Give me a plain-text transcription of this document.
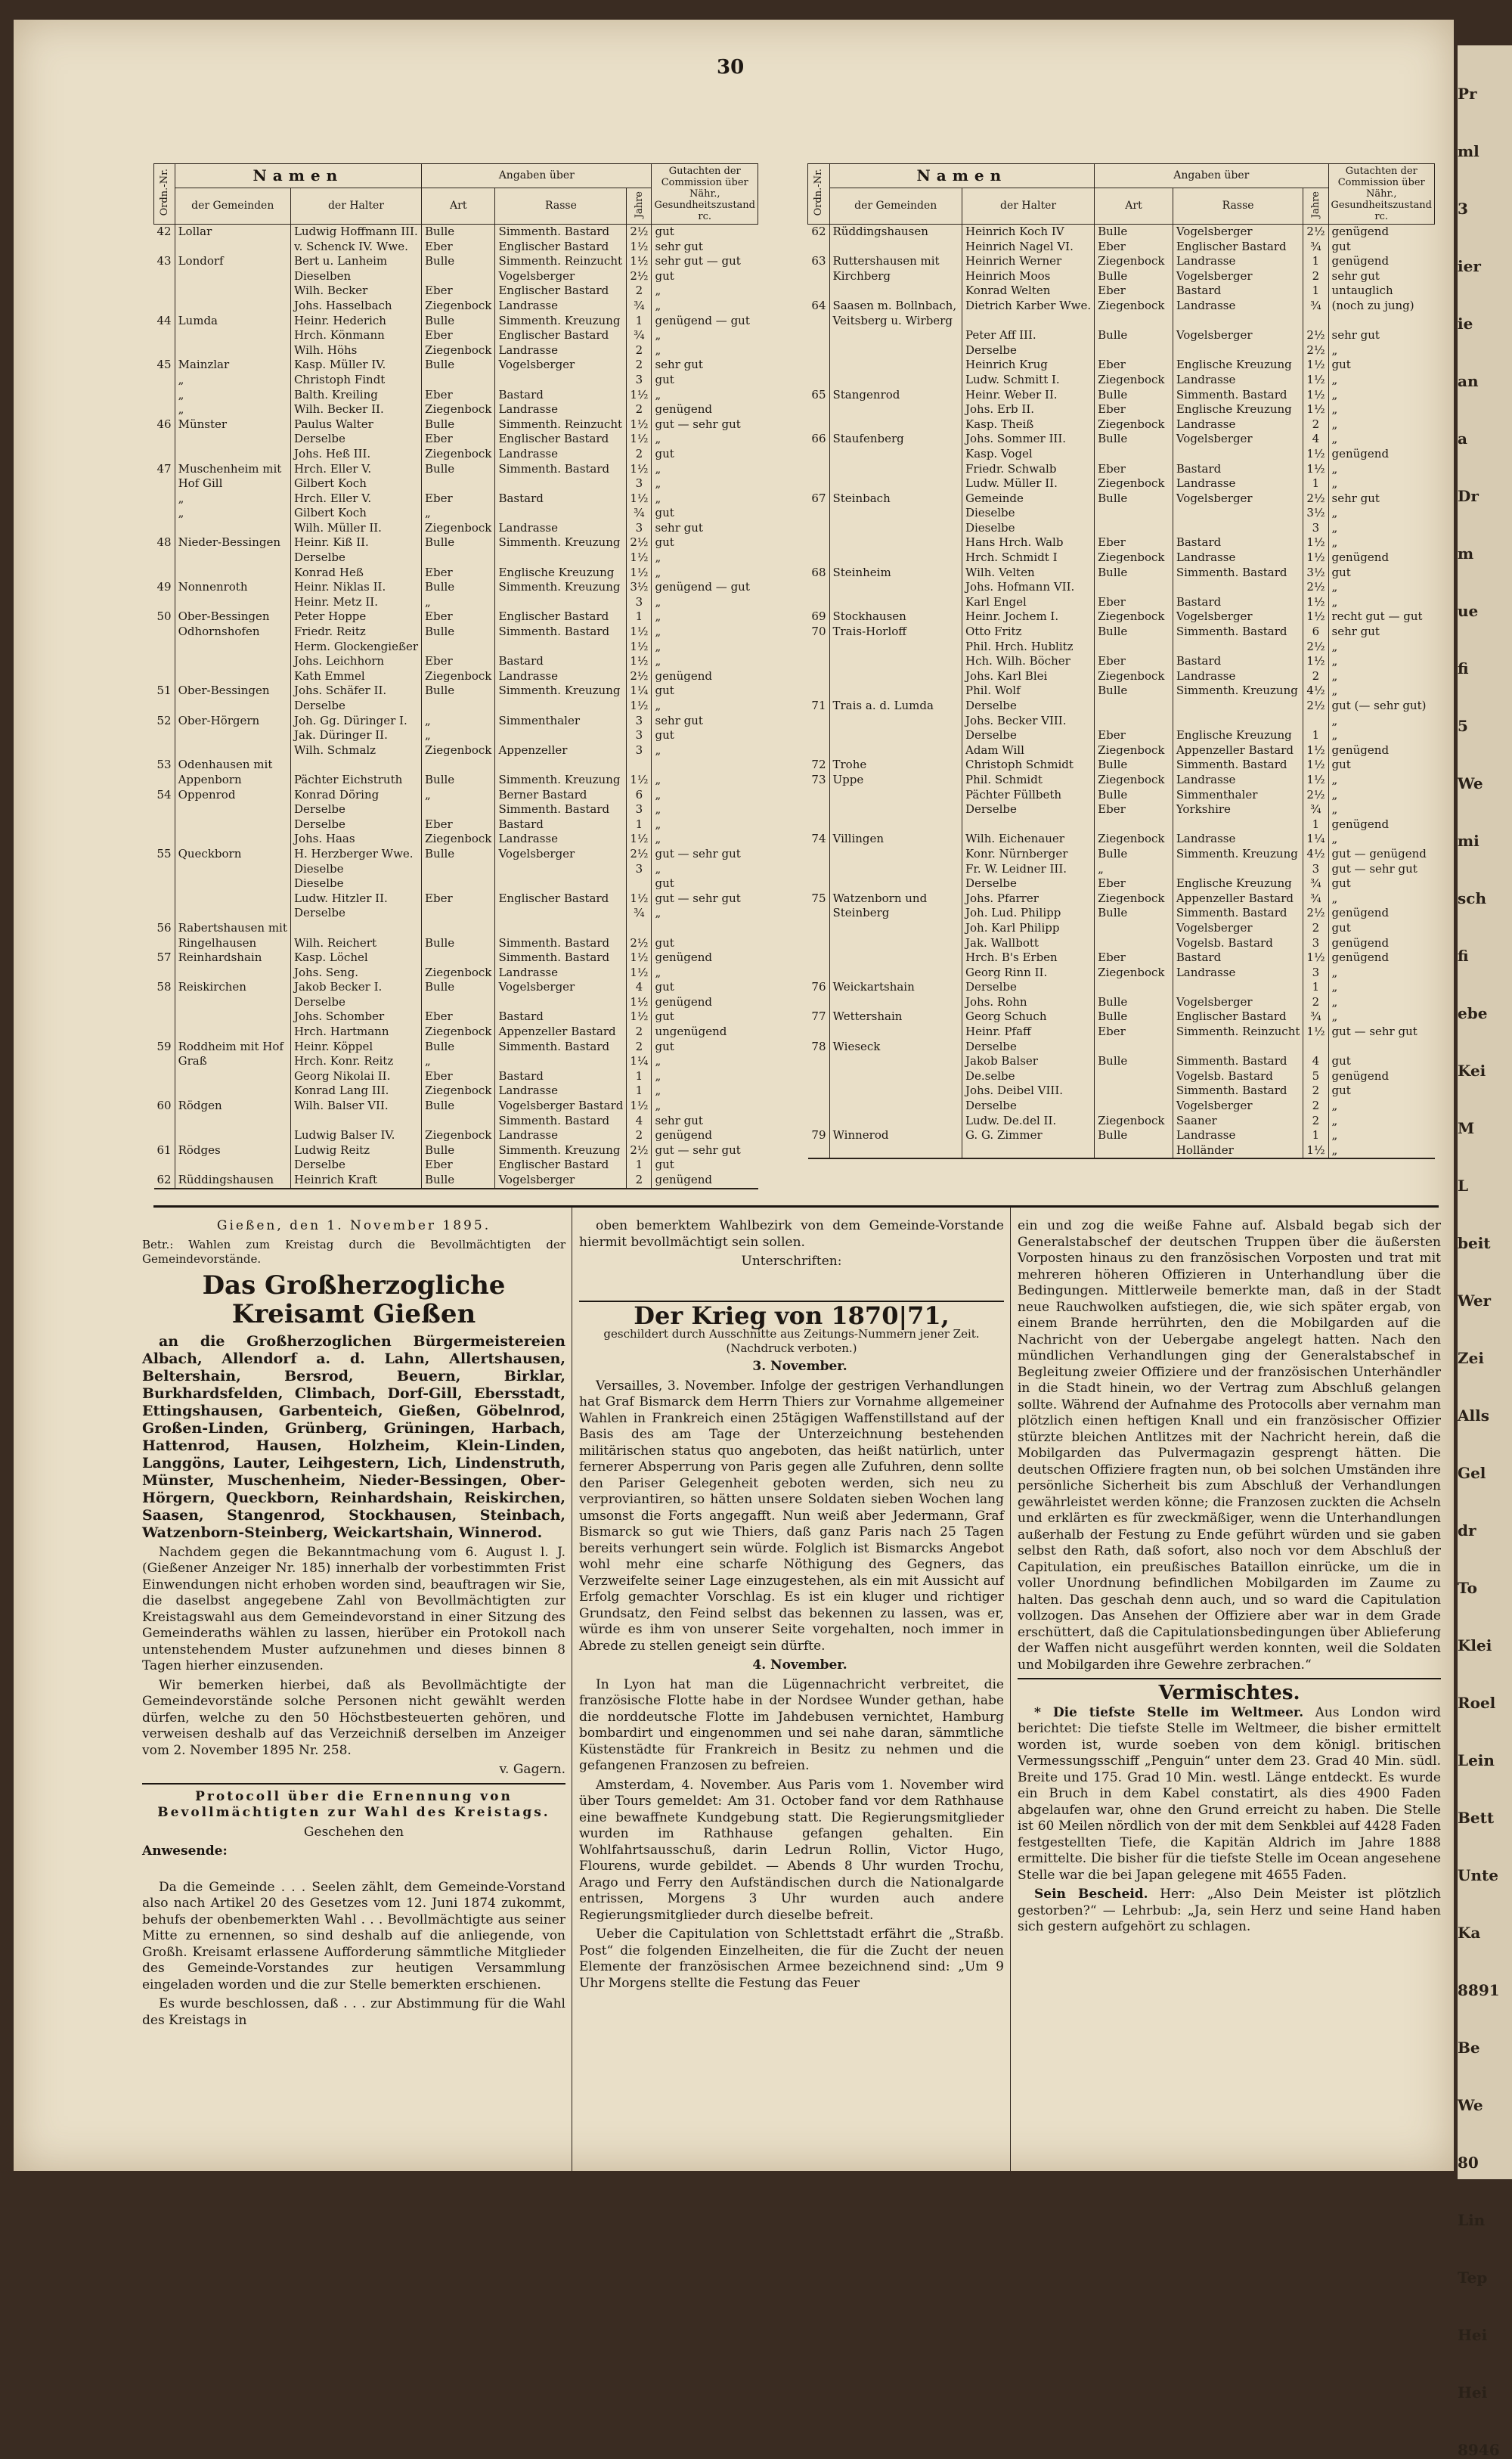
30
Ordn.-Nr.	Namen		Angaben über			Gutachten der Commission über Nähr., Gesundheitszustand rc.
	der Gemeinden	der Halter	Art	Rasse	Jahre	
42	Lollar	Ludwig Hoffmann III.	Bulle	Simmenth. Bastard	2½	gut
		v. Schenck IV. Wwe.	Eber	Englischer Bastard	1½	sehr gut
43	Londorf	Bert u. Lanheim	Bulle	Simmenth. Reinzucht	1½	sehr gut — gut
		Dieselben		Vogelsberger	2½	gut
		Wilh. Becker	Eber	Englischer Bastard	2	„
		Johs. Hasselbach	Ziegenbock	Landrasse	¾	„
44	Lumda	Heinr. Hederich	Bulle	Simmenth. Kreuzung	1	genügend — gut
		Hrch. Könmann	Eber	Englischer Bastard	¾	„
		Wilh. Höhs	Ziegenbock	Landrasse	2	„
45	Mainzlar	Kasp. Müller IV.	Bulle	Vogelsberger	2	sehr gut
	„	Christoph Findt			3	gut
	„	Balth. Kreiling	Eber	Bastard	1½	„
	„	Wilh. Becker II.	Ziegenbock	Landrasse	2	genügend
46	Münster	Paulus Walter	Bulle	Simmenth. Reinzucht	1½	gut — sehr gut
		Derselbe	Eber	Englischer Bastard	1½	„
		Johs. Heß III.	Ziegenbock	Landrasse	2	gut
47	Muschenheim mit	Hrch. Eller V.	Bulle	Simmenth. Bastard	1½	„
	Hof Gill	Gilbert Koch			3	„
	„	Hrch. Eller V.	Eber	Bastard	1½	„
	„	Gilbert Koch	„		¾	gut
		Wilh. Müller II.	Ziegenbock	Landrasse	3	sehr gut
48	Nieder-Bessingen	Heinr. Kiß II.	Bulle	Simmenth. Kreuzung	2½	gut
		Derselbe			1½	„
		Konrad Heß	Eber	Englische Kreuzung	1½	„
49	Nonnenroth	Heinr. Niklas II.	Bulle	Simmenth. Kreuzung	3½	genügend — gut
		Heinr. Metz II.	„		3	„
50	Ober-Bessingen	Peter Hoppe	Eber	Englischer Bastard	1	„
	Odhornshofen	Friedr. Reitz	Bulle	Simmenth. Bastard	1½	„
		Herm. Glockengießer			1½	„
		Johs. Leichhorn	Eber	Bastard	1½	„
		Kath Emmel	Ziegenbock	Landrasse	2½	genügend
51	Ober-Bessingen	Johs. Schäfer II.	Bulle	Simmenth. Kreuzung	1¼	gut
		Derselbe			1½	„
52	Ober-Hörgern	Joh. Gg. Düringer I.	„	Simmenthaler	3	sehr gut
		Jak. Düringer II.	„		3	gut
		Wilh. Schmalz	Ziegenbock	Appenzeller	3	„
53	Odenhausen mit					
	Appenborn	Pächter Eichstruth	Bulle	Simmenth. Kreuzung	1½	„
54	Oppenrod	Konrad Döring	„	Berner Bastard	6	„
		Derselbe		Simmenth. Bastard	3	„
		Derselbe	Eber	Bastard	1	„
		Johs. Haas	Ziegenbock	Landrasse	1½	„
55	Queckborn	H. Herzberger Wwe.	Bulle	Vogelsberger	2½	gut — sehr gut
		Dieselbe			3	„
		Dieselbe				gut
		Ludw. Hitzler II.	Eber	Englischer Bastard	1½	gut — sehr gut
		Derselbe			¾	„
56	Rabertshausen mit					
	Ringelhausen	Wilh. Reichert	Bulle	Simmenth. Bastard	2½	gut
57	Reinhardshain	Kasp. Löchel		Simmenth. Bastard	1½	genügend
		Johs. Seng.	Ziegenbock	Landrasse	1½	„
58	Reiskirchen	Jakob Becker I.	Bulle	Vogelsberger	4	gut
		Derselbe			1½	genügend
		Johs. Schomber	Eber	Bastard	1½	gut
		Hrch. Hartmann	Ziegenbock	Appenzeller Bastard	2	ungenügend
59	Roddheim mit Hof	Heinr. Köppel	Bulle	Simmenth. Bastard	2	gut
	Graß	Hrch. Konr. Reitz	„		1¼	„
		Georg Nikolai II.	Eber	Bastard	1	„
		Konrad Lang III.	Ziegenbock	Landrasse	1	„
60	Rödgen	Wilh. Balser VII.	Bulle	Vogelsberger Bastard	1½	„
				Simmenth. Bastard	4	sehr gut
		Ludwig Balser IV.	Ziegenbock	Landrasse	2	genügend
61	Rödges	Ludwig Reitz	Bulle	Simmenth. Kreuzung	2½	gut — sehr gut
		Derselbe	Eber	Englischer Bastard	1	gut
62	Rüddingshausen	Heinrich Kraft	Bulle	Vogelsberger	2	genügend
Ordn.-Nr.	Namen		Angaben über			Gutachten der Commission über Nähr., Gesundheitszustand rc.
	der Gemeinden	der Halter	Art	Rasse	Jahre	
62	Rüddingshausen	Heinrich Koch IV	Bulle	Vogelsberger	2½	genügend
		Heinrich Nagel VI.	Eber	Englischer Bastard	¾	gut
63	Ruttershausen mit	Heinrich Werner	Ziegenbock	Landrasse	1	genügend
	Kirchberg	Heinrich Moos	Bulle	Vogelsberger	2	sehr gut
		Konrad Welten	Eber	Bastard	1	untauglich
64	Saasen m. Bollnbach,	Dietrich Karber Wwe.	Ziegenbock	Landrasse	¾	(noch zu jung)
	Veitsberg u. Wirberg					
		Peter Aff III.	Bulle	Vogelsberger	2½	sehr gut
		Derselbe			2½	„
		Heinrich Krug	Eber	Englische Kreuzung	1½	gut
		Ludw. Schmitt I.	Ziegenbock	Landrasse	1½	„
65	Stangenrod	Heinr. Weber II.	Bulle	Simmenth. Bastard	1½	„
		Johs. Erb II.	Eber	Englische Kreuzung	1½	„
		Kasp. Theiß	Ziegenbock	Landrasse	2	„
66	Staufenberg	Johs. Sommer III.	Bulle	Vogelsberger	4	„
		Kasp. Vogel			1½	genügend
		Friedr. Schwalb	Eber	Bastard	1½	„
		Ludw. Müller II.	Ziegenbock	Landrasse	1	„
67	Steinbach	Gemeinde	Bulle	Vogelsberger	2½	sehr gut
		Dieselbe			3½	„
		Dieselbe			3	„
		Hans Hrch. Walb	Eber	Bastard	1½	„
		Hrch. Schmidt I	Ziegenbock	Landrasse	1½	genügend
68	Steinheim	Wilh. Velten	Bulle	Simmenth. Bastard	3½	gut
		Johs. Hofmann VII.			2½	„
		Karl Engel	Eber	Bastard	1½	„
69	Stockhausen	Heinr. Jochem I.	Ziegenbock	Vogelsberger	1½	recht gut — gut
70	Trais-Horloff	Otto Fritz	Bulle	Simmenth. Bastard	6	sehr gut
		Phil. Hrch. Hublitz			2½	„
		Hch. Wilh. Böcher	Eber	Bastard	1½	„
		Johs. Karl Blei	Ziegenbock	Landrasse	2	„
		Phil. Wolf	Bulle	Simmenth. Kreuzung	4½	„
71	Trais a. d. Lumda	Derselbe			2½	gut (— sehr gut)
		Johs. Becker VIII.				„
		Derselbe	Eber	Englische Kreuzung	1	„
		Adam Will	Ziegenbock	Appenzeller Bastard	1½	genügend
72	Trohe	Christoph Schmidt	Bulle	Simmenth. Bastard	1½	gut
73	Uppe	Phil. Schmidt	Ziegenbock	Landrasse	1½	„
		Pächter Füllbeth	Bulle	Simmenthaler	2½	„
		Derselbe	Eber	Yorkshire	¾	„
					1	genügend
74	Villingen	Wilh. Eichenauer	Ziegenbock	Landrasse	1¼	„
		Konr. Nürnberger	Bulle	Simmenth. Kreuzung	4½	gut — genügend
		Fr. W. Leidner III.	„		3	gut — sehr gut
		Derselbe	Eber	Englische Kreuzung	¾	gut
75	Watzenborn und	Johs. Pfarrer	Ziegenbock	Appenzeller Bastard	¾	„
	Steinberg	Joh. Lud. Philipp	Bulle	Simmenth. Bastard	2½	genügend
		Joh. Karl Philipp		Vogelsberger	2	gut
		Jak. Wallbott		Vogelsb. Bastard	3	genügend
		Hrch. B's Erben	Eber	Bastard	1½	genügend
		Georg Rinn II.	Ziegenbock	Landrasse	3	„
76	Weickartshain	Derselbe			1	„
		Johs. Rohn	Bulle	Vogelsberger	2	„
77	Wettershain	Georg Schuch	Bulle	Englischer Bastard	¾	„
		Heinr. Pfaff	Eber	Simmenth. Reinzucht	1½	gut — sehr gut
78	Wieseck	Derselbe				
		Jakob Balser	Bulle	Simmenth. Bastard	4	gut
		De.selbe		Vogelsb. Bastard	5	genügend
		Johs. Deibel VIII.		Simmenth. Bastard	2	gut
		Derselbe		Vogelsberger	2	„
		Ludw. De.del II.	Ziegenbock	Saaner	2	„
79	Winnerod	G. G. Zimmer	Bulle	Landrasse	1	„
				Holländer	1½	„

Gießen, den 1. November 1895.

Betr.: Wahlen zum Kreistag durch die Bevollmächtigten der Gemeindevorstände.

Das Großherzogliche Kreisamt Gießen

an die Großherzoglichen Bürgermeistereien Albach, Allendorf a. d. Lahn, Allertshausen, Beltershain, Bersrod, Beuern, Birklar, Burkhardsfelden, Climbach, Dorf-Gill, Ebersstadt, Ettingshausen, Garbenteich, Gießen, Göbelnrod, Großen-Linden, Grünberg, Grüningen, Harbach, Hattenrod, Hausen, Holzheim, Klein-Linden, Langgöns, Lauter, Leihgestern, Lich, Lindenstruth, Münster, Muschenheim, Nieder-Bessingen, Ober-Hörgern, Queckborn, Reinhardshain, Reiskirchen, Saasen, Stangenrod, Stockhausen, Steinbach, Watzenborn-Steinberg, Weickartshain, Winnerod.

Nachdem gegen die Bekanntmachung vom 6. August l. J. (Gießener Anzeiger Nr. 185) innerhalb der vorbestimmten Frist Einwendungen nicht erhoben worden sind, beauftragen wir Sie, die daselbst angegebene Zahl von Bevollmächtigten zur Kreistagswahl aus dem Gemeindevorstand in einer Sitzung des Gemeinderaths wählen zu lassen, hierüber ein Protokoll nach untenstehendem Muster aufzunehmen und dieses binnen 8 Tagen hierher einzusenden.

Wir bemerken hierbei, daß als Bevollmächtigte der Gemeindevorstände solche Personen nicht gewählt werden dürfen, welche zu den 50 Höchstbesteuerten gehören, und verweisen deshalb auf das Verzeichniß derselben im Anzeiger vom 2. November 1895 Nr. 258.

v. Gagern.

Protocoll über die Ernennung von Bevollmächtigten zur Wahl des Kreistags.

Geschehen den

Anwesende:

Da die Gemeinde . . . Seelen zählt, dem Gemeinde-Vorstand also nach Artikel 20 des Gesetzes vom 12. Juni 1874 zukommt, behufs der obenbemerkten Wahl . . . Bevollmächtigte aus seiner Mitte zu ernennen, so sind deshalb auf die anliegende, von Großh. Kreisamt erlassene Aufforderung sämmtliche Mitglieder des Gemeinde-Vorstandes zur heutigen Versammlung eingeladen worden und die zur Stelle bemerkten erschienen.

Es wurde beschlossen, daß . . . zur Abstimmung für die Wahl des Kreistags in

oben bemerktem Wahlbezirk von dem Gemeinde-Vorstande hiermit bevollmächtigt sein sollen.

Unterschriften:

Der Krieg von 1870|71,

geschildert durch Ausschnitte aus Zeitungs-Nummern jener Zeit. (Nachdruck verboten.)

3. November.

Versailles, 3. November. Infolge der gestrigen Verhandlungen hat Graf Bismarck dem Herrn Thiers zur Vornahme allgemeiner Wahlen in Frankreich einen 25tägigen Waffenstillstand auf der Basis des am Tage der Unterzeichnung bestehenden militärischen status quo angeboten, das heißt natürlich, unter fernerer Absperrung von Paris gegen alle Zufuhren, denn sollte den Pariser Gelegenheit geboten werden, sich neu zu verproviantiren, so hätten unsere Soldaten sieben Wochen lang umsonst die Forts angegafft. Nun weiß aber Jedermann, Graf Bismarck so gut wie Thiers, daß ganz Paris nach 25 Tagen bereits verhungert sein würde. Folglich ist Bismarcks Angebot wohl mehr eine scharfe Nöthigung des Gegners, das Verzweifelte seiner Lage einzugestehen, als ein mit Aussicht auf Erfolg gemachter Vorschlag. Es ist ein kluger und richtiger Grundsatz, den Feind selbst das bekennen zu lassen, was er, würde es ihm von unserer Seite vorgehalten, noch immer in Abrede zu stellen geneigt sein dürfte.

4. November.

In Lyon hat man die Lügennachricht verbreitet, die französische Flotte habe in der Nordsee Wunder gethan, habe die norddeutsche Flotte im Jahdebusen vernichtet, Hamburg bombardirt und eingenommen und sei nahe daran, sämmtliche Küstenstädte für Frankreich in Besitz zu nehmen und die gefangenen Franzosen zu befreien.

Amsterdam, 4. November. Aus Paris vom 1. November wird über Tours gemeldet: Am 31. October fand vor dem Rathhause eine bewaffnete Kundgebung statt. Die Regierungsmitglieder wurden im Rathhause gefangen gehalten. Ein Wohlfahrtsausschuß, darin Ledrun Rollin, Victor Hugo, Flourens, wurde gebildet. — Abends 8 Uhr wurden Trochu, Arago und Ferry den Aufständischen durch die Nationalgarde entrissen, Morgens 3 Uhr wurden auch andere Regierungsmitglieder durch dieselbe befreit.

Ueber die Capitulation von Schlettstadt erfährt die „Straßb. Post“ die folgenden Einzelheiten, die für die Zucht der neuen Elemente der französischen Armee bezeichnend sind: „Um 9 Uhr Morgens stellte die Festung das Feuer

ein und zog die weiße Fahne auf. Alsbald begab sich der Generalstabschef der deutschen Truppen über die äußersten Vorposten hinaus zu den französischen Vorposten und trat mit mehreren höheren Offizieren in Unterhandlung über die Bedingungen. Mittlerweile bemerkte man, daß in der Stadt neue Rauchwolken aufstiegen, die, wie sich später ergab, von einem Brande herrührten, den die Mobilgarden auf die Nachricht von der Uebergabe angelegt hatten. Nach den mündlichen Verhandlungen ging der Generalstabschef in Begleitung zweier Offiziere und der französischen Unterhändler in die Stadt hinein, wo der Vertrag zum Abschluß gelangen sollte. Während der Aufnahme des Protocolls aber vernahm man plötzlich einen heftigen Knall und ein französischer Offizier stürzte bleichen Antlitzes mit der Nachricht herein, daß die Mobilgarden das Pulvermagazin gesprengt hätten. Die deutschen Offiziere fragten nun, ob bei solchen Umständen ihre persönliche Sicherheit bis zum Abschluß der Verhandlungen gewährleistet werden könne; die Franzosen zuckten die Achseln und erklärten es für zweckmäßiger, wenn die Unterhandlungen außerhalb der Festung zu Ende geführt würden und sie gaben selbst den Rath, daß sofort, also noch vor dem Abschluß der Capitulation, ein preußisches Bataillon einrücke, um die in voller Unordnung befindlichen Mobilgarden im Zaume zu halten. Das geschah denn auch, und so ward die Capitulation vollzogen. Das Ansehen der Offiziere aber war in dem Grade erschüttert, daß die Capitulationsbedingungen über Ablieferung der Waffen nicht ausgeführt werden konnten, weil die Soldaten und Mobilgarden ihre Gewehre zerbrachen.“

Vermischtes.

* Die tiefste Stelle im Weltmeer. Aus London wird berichtet: Die tiefste Stelle im Weltmeer, die bisher ermittelt worden ist, wurde soeben von dem königl. britischen Vermessungsschiff „Penguin“ unter dem 23. Grad 40 Min. südl. Breite und 175. Grad 10 Min. westl. Länge entdeckt. Es wurde ein Bruch in dem Kabel constatirt, als dies 4900 Faden abgelaufen war, ohne den Grund erreicht zu haben. Die Stelle ist 60 Meilen nördlich von der mit dem Senkblei auf 4428 Faden festgestellten Tiefe, die Kapitän Aldrich im Jahre 1888 ermittelte. Die bisher für die tiefste Stelle im Ocean angesehene Stelle war die bei Japan gelegene mit 4655 Faden.

Sein Bescheid. Herr: „Also Dein Meister ist plötzlich gestorben?“ — Lehrbub: „Ja, sein Herz und seine Hand haben sich gestern aufgehört zu schlagen.

Pr
ml
3
ier
ie
an
a
Dr
m
ue
fi
5
We
mi
sch
fi
ebe
Kei
M
L
beit
Wer
Zei
Alls
Gel
dr
To
Klei
Roel
Lein
Bett
Unte
Ka
8891
Be
We
80
Lin
Tep
Hei
Hei
8946
